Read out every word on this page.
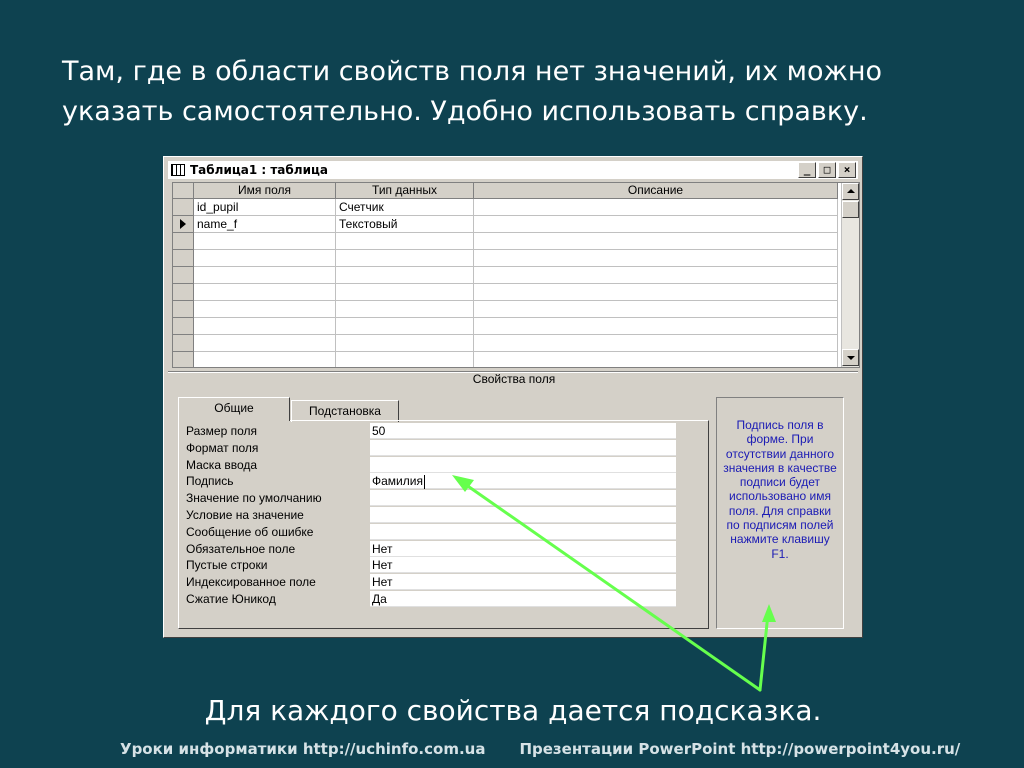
Там, где в области свойств поля нет значений, их можно
указать самостоятельно. Удобно использовать справку.
Таблица1 : таблица	_	□	×
Имя поля	Тип данных	Описание
id_pupil	Счетчик
name_f	Текстовый
Свойства поля
Подстановка
Общие
Размер поля	50
Формат поля
Маска ввода
Подпись	Фамилия
Значение по умолчанию
Условие на значение
Сообщение об ошибке
Обязательное поле	Нет
Пустые строки	Нет
Индексированное поле	Нет
Сжатие Юникод	Да
Подпись поля в форме. При отсутствии данного значения в качестве подписи будет использовано имя поля. Для справки по подписям полей нажмите клавишу F1.
Для каждого свойства дается подсказка.
Уроки информатики http://uchinfo.com.ua Презентации PowerPoint http://powerpoint4you.ru/
